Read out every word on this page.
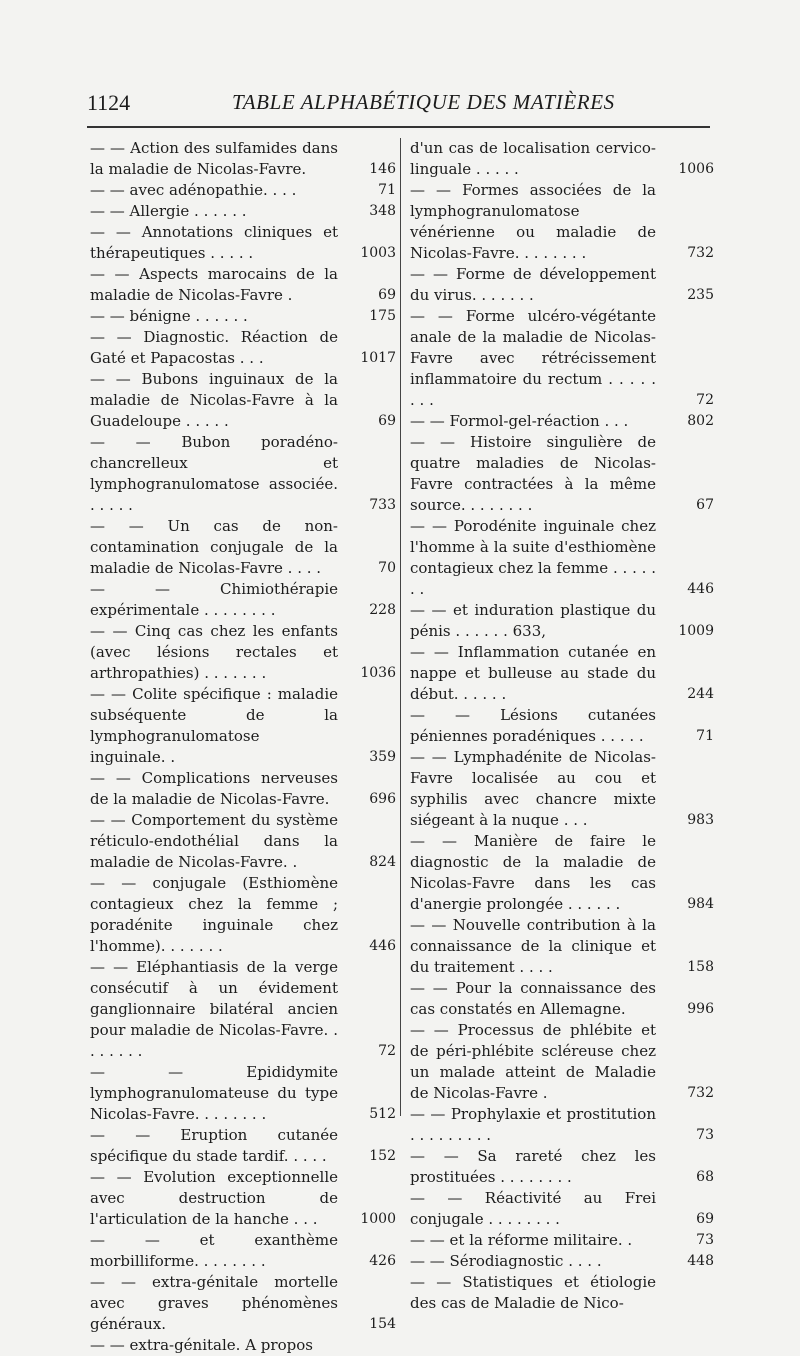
1124	TABLE ALPHABÉTIQUE DES MATIÈRES
— — Action des sulfamides dans la maladie de Nicolas-Favre.	146
— — avec adénopathie. . . .	71
— — Allergie . . . . . .	348
— — Annotations cliniques et thérapeutiques . . . . .	1003
— — Aspects marocains de la maladie de Nicolas-Favre .	69
— — bénigne . . . . . .	175
— — Diagnostic. Réaction de Gaté et Papacostas . . .	1017
— — Bubons inguinaux de la maladie de Nicolas-Favre à la Guadeloupe . . . . .	69
— — Bubon poradéno-chancrelleux et lymphogranulomatose associée. . . . . .	733
— — Un cas de non-contamination conjugale de la maladie de Nicolas-Favre . . . .	70
— — Chimiothérapie expérimentale . . . . . . . .	228
— — Cinq cas chez les enfants (avec lésions rectales et arthropathies) . . . . . . .	1036
— — Colite spécifique : maladie subséquente de la lymphogranulomatose inguinale. .	359
— — Complications nerveuses de la maladie de Nicolas-Favre.	696
— — Comportement du système réticulo-endothélial dans la maladie de Nicolas-Favre. .	824
— — conjugale (Esthiomène contagieux chez la femme ; poradénite inguinale chez l'homme). . . . . . .	446
— — Eléphantiasis de la verge consécutif à un évidement ganglionnaire bilatéral ancien pour maladie de Nicolas-Favre. . . . . . . .	72
— — Epididymite lymphogranulomateuse du type Nicolas-Favre. . . . . . . .	512
— — Eruption cutanée spécifique du stade tardif. . . . .	152
— — Evolution exceptionnelle avec destruction de l'articulation de la hanche . . .	1000
— — et exanthème morbilliforme. . . . . . . .	426
— — extra-génitale mortelle avec graves phénomènes généraux.	154
— — extra-génitale. A propos
d'un cas de localisation cervico-linguale . . . . .	1006
— — Formes associées de la lymphogranulomatose vénérienne ou maladie de Nicolas-Favre. . . . . . . .	732
— — Forme de développement du virus. . . . . . .	235
— — Forme ulcéro-végétante anale de la maladie de Nicolas-Favre avec rétrécissement inflammatoire du rectum . . . . . . . .	72
— — Formol-gel-réaction . . .	802
— — Histoire singulière de quatre maladies de Nicolas-Favre contractées à la même source. . . . . . . .	67
— — Porodénite inguinale chez l'homme à la suite d'esthiomène contagieux chez la femme . . . . . . .	446
— — et induration plastique du pénis . . . . . . 633,	1009
— — Inflammation cutanée en nappe et bulleuse au stade du début. . . . . .	244
— — Lésions cutanées péniennes poradéniques . . . . .	71
— — Lymphadénite de Nicolas-Favre localisée au cou et syphilis avec chancre mixte siégeant à la nuque . . .	983
— — Manière de faire le diagnostic de la maladie de Nicolas-Favre dans les cas d'anergie prolongée . . . . . .	984
— — Nouvelle contribution à la connaissance de la clinique et du traitement . . . .	158
— — Pour la connaissance des cas constatés en Allemagne.	996
— — Processus de phlébite et de péri-phlébite scléreuse chez un malade atteint de Maladie de Nicolas-Favre .	732
— — Prophylaxie et prostitution . . . . . . . . .	73
— — Sa rareté chez les prostituées . . . . . . . .	68
— — Réactivité au Frei conjugale . . . . . . . .	69
— — et la réforme militaire. .	73
— — Sérodiagnostic . . . .	448
— — Statistiques et étiologie des cas de Maladie de Nico-
